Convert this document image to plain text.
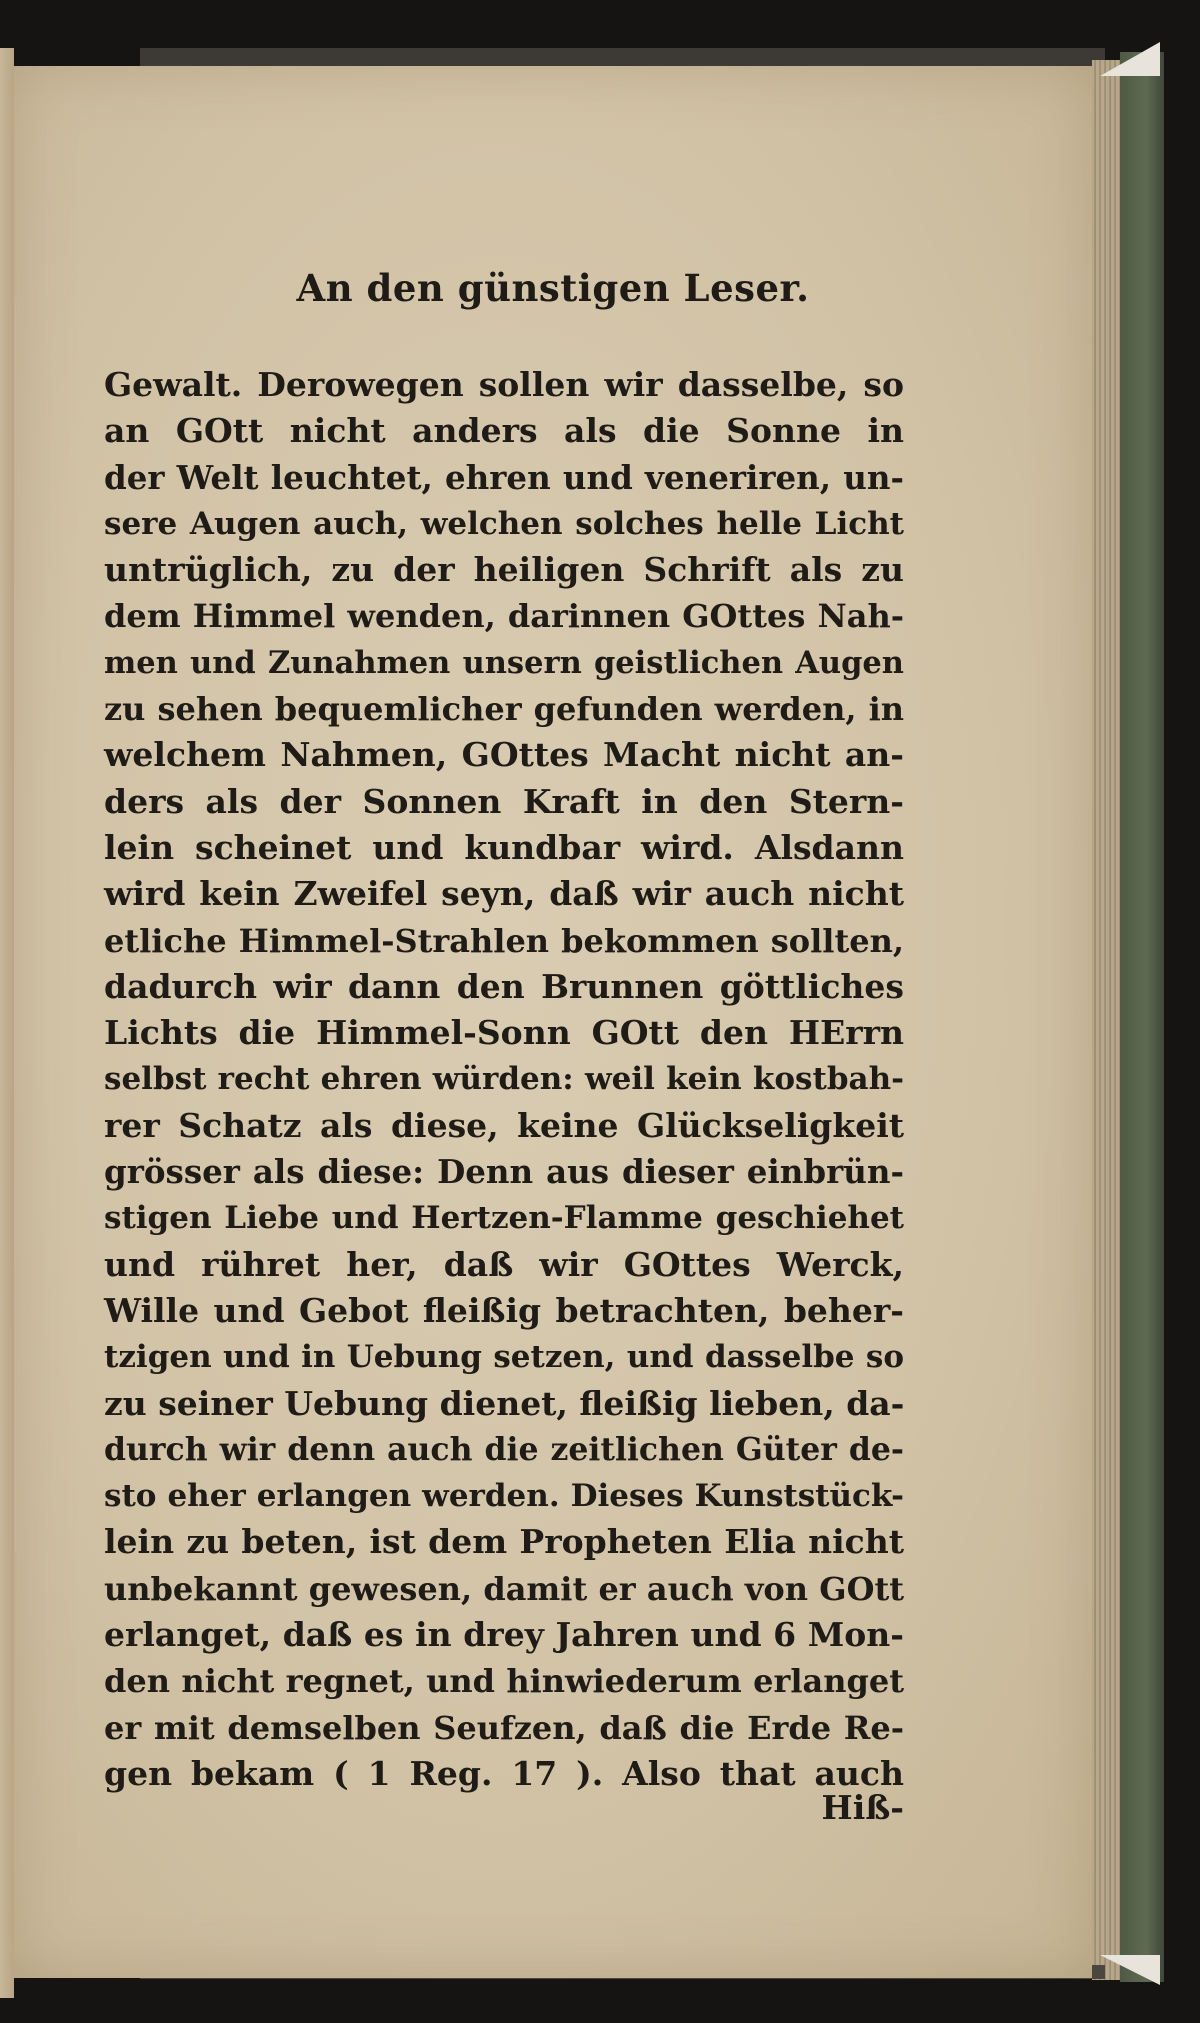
An den günstigen Leser.
Gewalt. Derowegen sollen wir dasselbe, so
an GOtt nicht anders als die Sonne in
der Welt leuchtet, ehren und veneriren, un-
sere Augen auch, welchen solches helle Licht
untrüglich, zu der heiligen Schrift als zu
dem Himmel wenden, darinnen GOttes Nah-
men und Zunahmen unsern geistlichen Augen
zu sehen bequemlicher gefunden werden, in
welchem Nahmen, GOttes Macht nicht an-
ders als der Sonnen Kraft in den Stern-
lein scheinet und kundbar wird. Alsdann
wird kein Zweifel seyn, daß wir auch nicht
etliche Himmel-Strahlen bekommen sollten,
dadurch wir dann den Brunnen göttliches
Lichts die Himmel-Sonn GOtt den HErrn
selbst recht ehren würden: weil kein kostbah-
rer Schatz als diese, keine Glückseligkeit
grösser als diese: Denn aus dieser einbrün-
stigen Liebe und Hertzen-Flamme geschiehet
und rühret her, daß wir GOttes Werck,
Wille und Gebot fleißig betrachten, beher-
tzigen und in Uebung setzen, und dasselbe so
zu seiner Uebung dienet, fleißig lieben, da-
durch wir denn auch die zeitlichen Güter de-
sto eher erlangen werden. Dieses Kunststück-
lein zu beten, ist dem Propheten Elia nicht
unbekannt gewesen, damit er auch von GOtt
erlanget, daß es in drey Jahren und 6 Mon-
den nicht regnet, und hinwiederum erlanget
er mit demselben Seufzen, daß die Erde Re-
gen bekam ( 1 Reg. 17 ). Also that auch
Hiß-
